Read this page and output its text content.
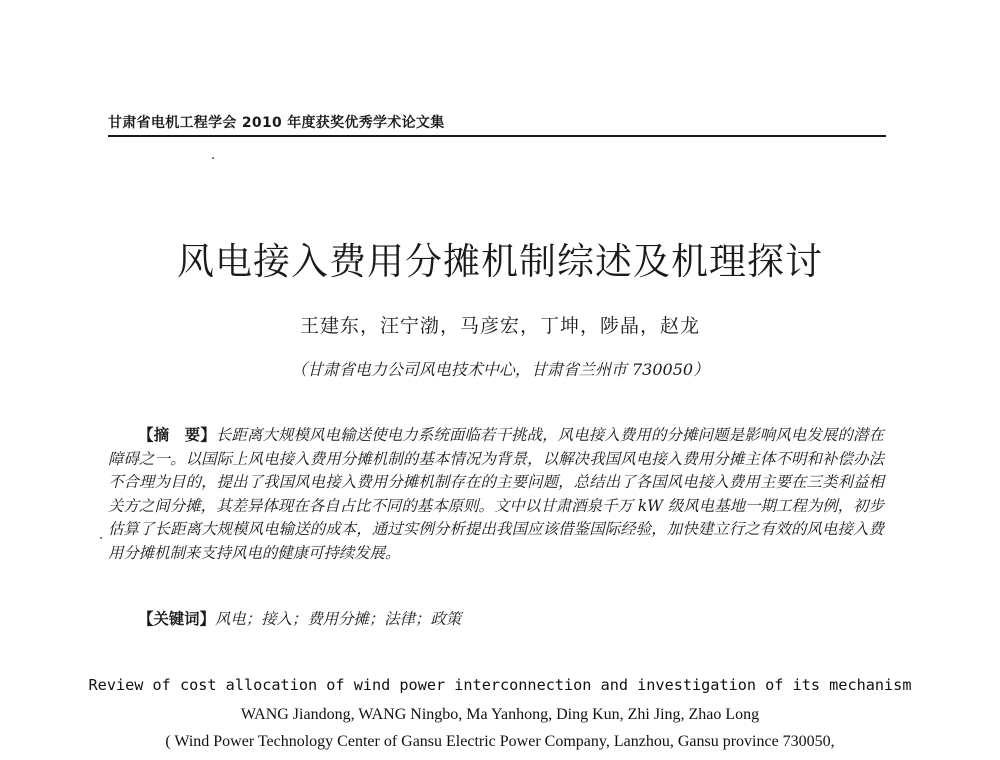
甘肃省电机工程学会 2010 年度获奖优秀学术论文集
风电接入费用分摊机制综述及机理探讨
王建东，汪宁渤，马彦宏，丁坤，陟晶，赵龙
（甘肃省电力公司风电技术中心，甘肃省兰州市 730050）

【摘　要】长距离大规模风电输送使电力系统面临若干挑战，风电接入费用的分摊问题是影响风电发展的潜在障碍之一。以国际上风电接入费用分摊机制的基本情况为背景，以解决我国风电接入费用分摊主体不明和补偿办法不合理为目的，提出了我国风电接入费用分摊机制存在的主要问题，总结出了各国风电接入费用主要在三类利益相关方之间分摊，其差异体现在各自占比不同的基本原则。文中以甘肃酒泉千万 kW 级风电基地一期工程为例，初步估算了长距离大规模风电输送的成本，通过实例分析提出我国应该借鉴国际经验，加快建立行之有效的风电接入费用分摊机制来支持风电的健康可持续发展。

【关键词】风电；接入；费用分摊；法律；政策
Review of cost allocation of wind power interconnection and investigation of its mechanism
WANG Jiandong, WANG Ningbo, Ma Yanhong, Ding Kun, Zhi Jing, Zhao Long
( Wind Power Technology Center of Gansu Electric Power Company, Lanzhou, Gansu province 730050,
